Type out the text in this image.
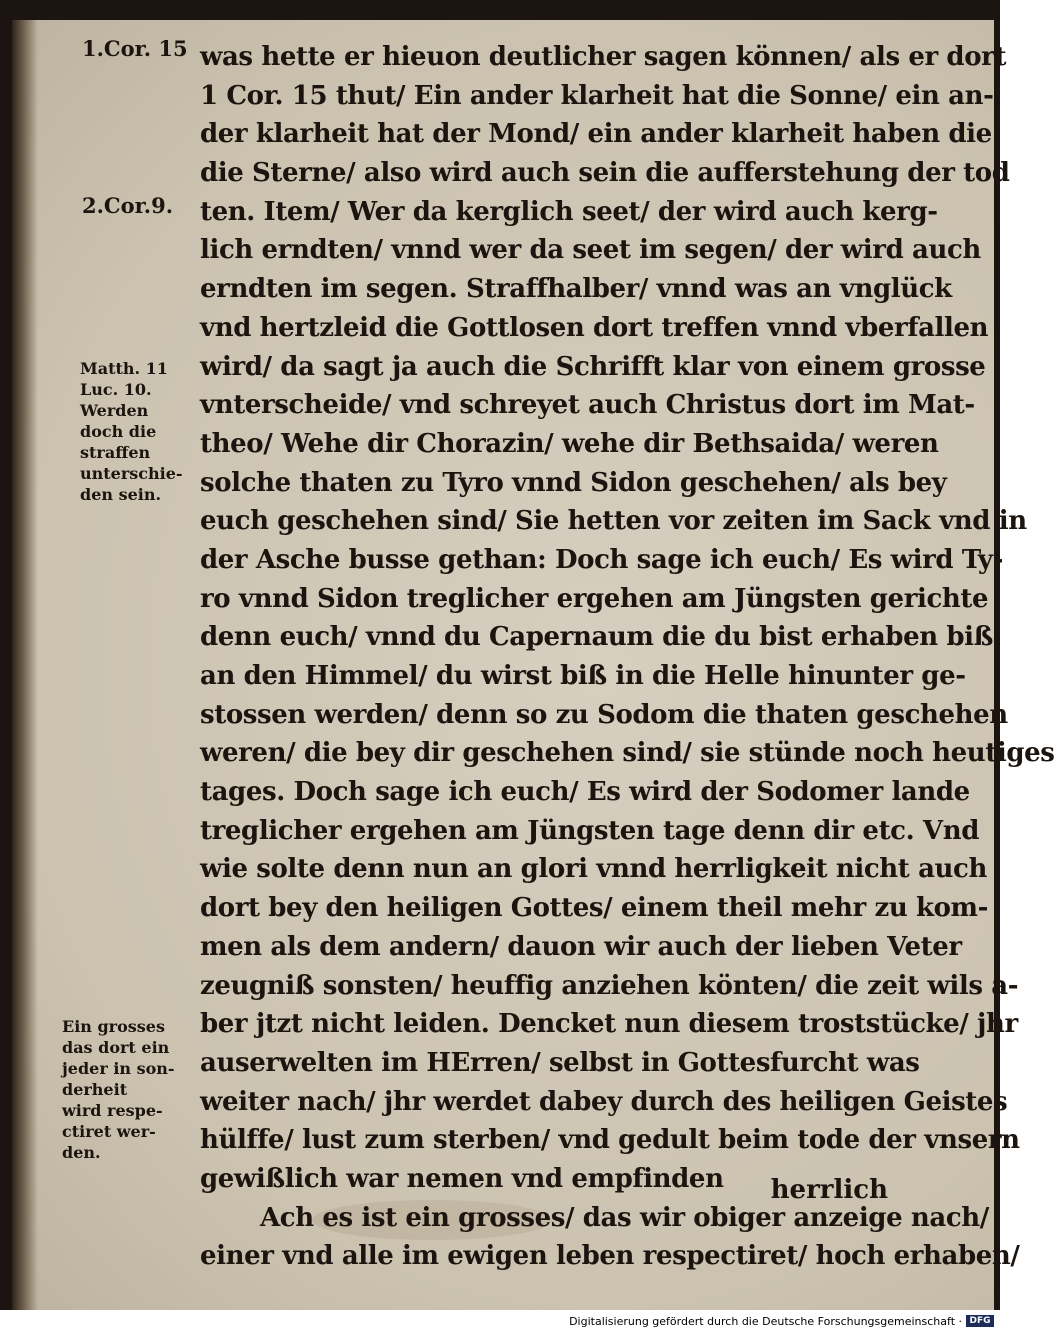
1.Cor. 15
2.Cor.9.
Matth. 11
Luc. 10.
Werden
doch die
straffen
unterschie-
den sein.
Ein grosses
das dort ein
jeder in son-
derheit
wird respe-
ctiret wer-
den.
was hette er hieuon deutlicher sagen können/ als er dort
1 Cor. 15 thut/ Ein ander klarheit hat die Sonne/ ein an-
der klarheit hat der Mond/ ein ander klarheit haben die
die Sterne/ also wird auch sein die aufferstehung der tod
ten. Item/ Wer da kerglich seet/ der wird auch kerg-
lich erndten/ vnnd wer da seet im segen/ der wird auch
erndten im segen. Straffhalber/ vnnd was an vnglück
vnd hertzleid die Gottlosen dort treffen vnnd vberfallen
wird/ da sagt ja auch die Schrifft klar von einem grosse
vnterscheide/ vnd schreyet auch Christus dort im Mat-
theo/ Wehe dir Chorazin/ wehe dir Bethsaida/ weren
solche thaten zu Tyro vnnd Sidon geschehen/ als bey
euch geschehen sind/ Sie hetten vor zeiten im Sack vnd in
der Asche busse gethan: Doch sage ich euch/ Es wird Ty-
ro vnnd Sidon treglicher ergehen am Jüngsten gerichte
denn euch/ vnnd du Capernaum die du bist erhaben biß
an den Himmel/ du wirst biß in die Helle hinunter ge-
stossen werden/ denn so zu Sodom die thaten geschehen
weren/ die bey dir geschehen sind/ sie stünde noch heutiges
tages. Doch sage ich euch/ Es wird der Sodomer lande
treglicher ergehen am Jüngsten tage denn dir etc. Vnd
wie solte denn nun an glori vnnd herrligkeit nicht auch
dort bey den heiligen Gottes/ einem theil mehr zu kom-
men als dem andern/ dauon wir auch der lieben Veter
zeugniß sonsten/ heuffig anziehen könten/ die zeit wils a-
ber jtzt nicht leiden. Dencket nun diesem troststücke/ jhr
auserwelten im HErren/ selbst in Gottesfurcht was
weiter nach/ jhr werdet dabey durch des heiligen Geistes
hülffe/ lust zum sterben/ vnd gedult beim tode der vnsern
gewißlich war nemen vnd empfinden
Ach es ist ein grosses/ das wir obiger anzeige nach/
einer vnd alle im ewigen leben respectiret/ hoch erhaben/
herrlich
Digitalisierung gefördert durch die Deutsche Forschungsgemeinschaft · DFG
